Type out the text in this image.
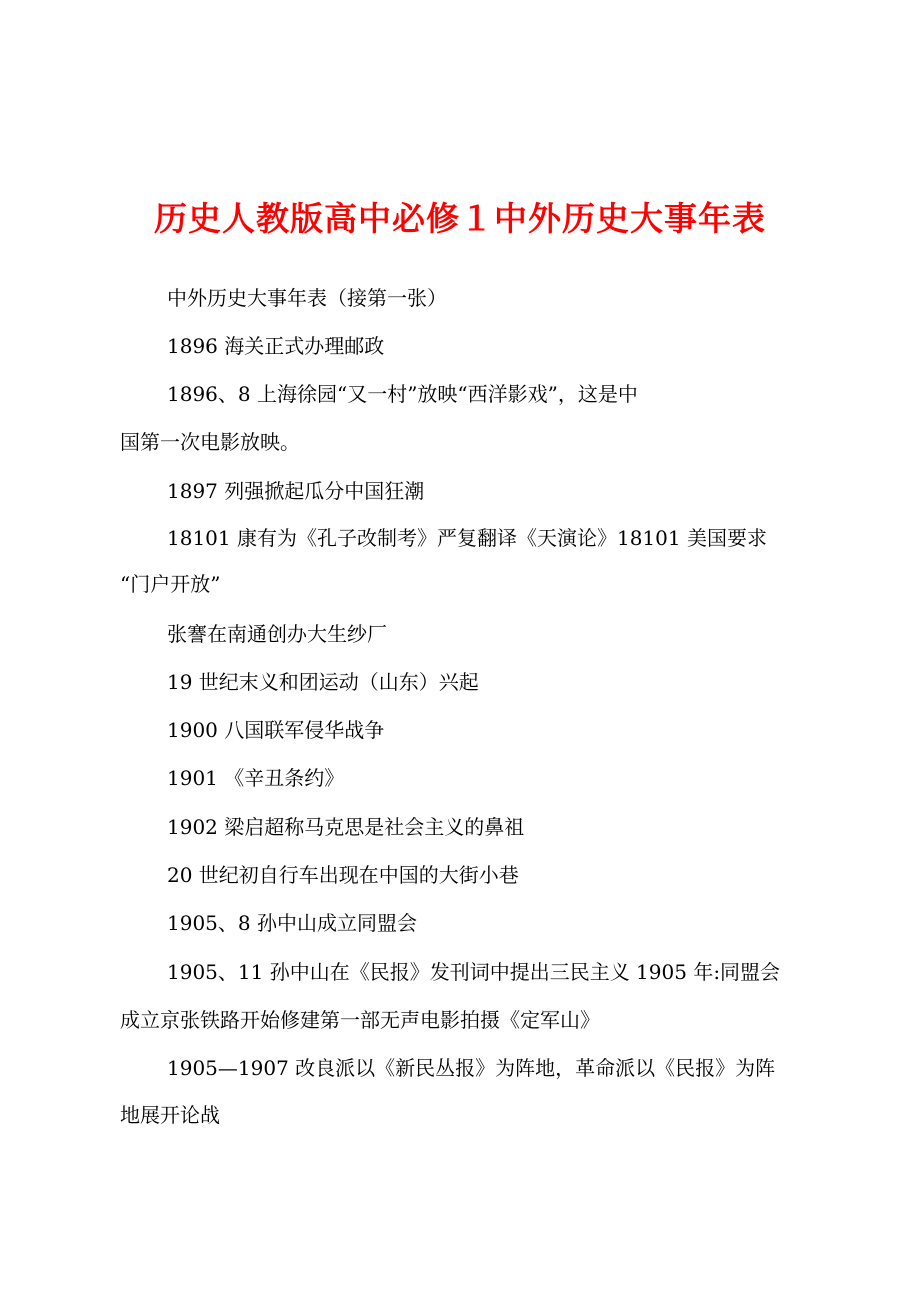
历史人教版高中必修１中外历史大事年表
中外历史大事年表（接第一张）
1896 海关正式办理邮政
1896、8 上海徐园“又一村”放映“西洋影戏”，这是中
国第一次电影放映。
1897 列强掀起瓜分中国狂潮
18101 康有为《孔子改制考》严复翻译《天演论》18101 美国要求
“门户开放”
张謇在南通创办大生纱厂
19 世纪末义和团运动（山东）兴起
1900 八国联军侵华战争
1901 《辛丑条约》
1902 梁启超称马克思是社会主义的鼻祖
20 世纪初自行车出现在中国的大街小巷
1905、8 孙中山成立同盟会
1905、11 孙中山在《民报》发刊词中提出三民主义 1905 年:同盟会
成立京张铁路开始修建第一部无声电影拍摄《定军山》
1905—1907 改良派以《新民丛报》为阵地，革命派以《民报》为阵
地展开论战
